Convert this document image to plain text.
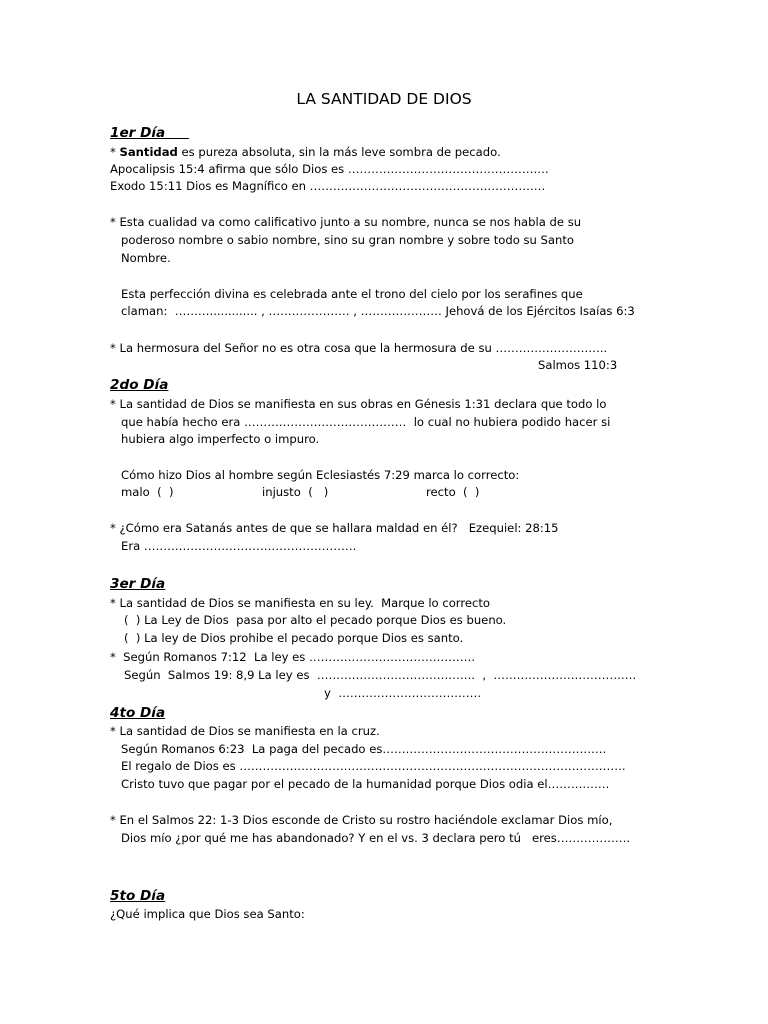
LA SANTIDAD DE DIOS
1er Día
* Santidad es pureza absoluta, sin la más leve sombra de pecado.
Apocalipsis 15:4 afirma que sólo Dios es …………………………………………….
Exodo 15:11 Dios es Magnífico en …………………………………………………….
* Esta cualidad va como calificativo junto a su nombre, nunca se nos habla de su
poderoso nombre o sabio nombre, sino su gran nombre y sobre todo su Santo
Nombre.
Esta perfección divina es celebrada ante el trono del cielo por los serafines que
claman:  ………............. , ………………… , ………………… Jehová de los Ejércitos Isaías 6:3
* La hermosura del Señor no es otra cosa que la hermosura de su ………………………..
Salmos 110:3
2do Día
* La santidad de Dios se manifiesta en sus obras en Génesis 1:31 declara que todo lo
que había hecho era ……………………………………  lo cual no hubiera podido hacer si
hubiera algo imperfecto o impuro.
Cómo hizo Dios al hombre según Eclesiastés 7:29 marca lo correcto:
malo  (  )	injusto  (   )	recto  (  )
* ¿Cómo era Satanás antes de que se hallara maldad en él?   Ezequiel: 28:15
Era ……………………………………………….
3er Día
* La santidad de Dios se manifiesta en su ley.  Marque lo correcto
(  ) La Ley de Dios  pasa por alto el pecado porque Dios es bueno.
(  ) La ley de Dios prohibe el pecado porque Dios es santo.
*  Según Romanos 7:12  La ley es …………………………………….
Según  Salmos 19: 8,9 La ley es  …………………………………..  ,  ……………………………….
y  ……………………………….
4to Día
* La santidad de Dios se manifiesta en la cruz.
Según Romanos 6:23  La paga del pecado es………………………………………………….
El regalo de Dios es ……………………………………………………………………………………….
Cristo tuvo que pagar por el pecado de la humanidad porque Dios odia el…………….
* En el Salmos 22: 1-3 Dios esconde de Cristo su rostro haciéndole exclamar Dios mío,
Dios mío ¿por qué me has abandonado? Y en el vs. 3 declara pero tú   eres……………….
5to Día
¿Qué implica que Dios sea Santo:
